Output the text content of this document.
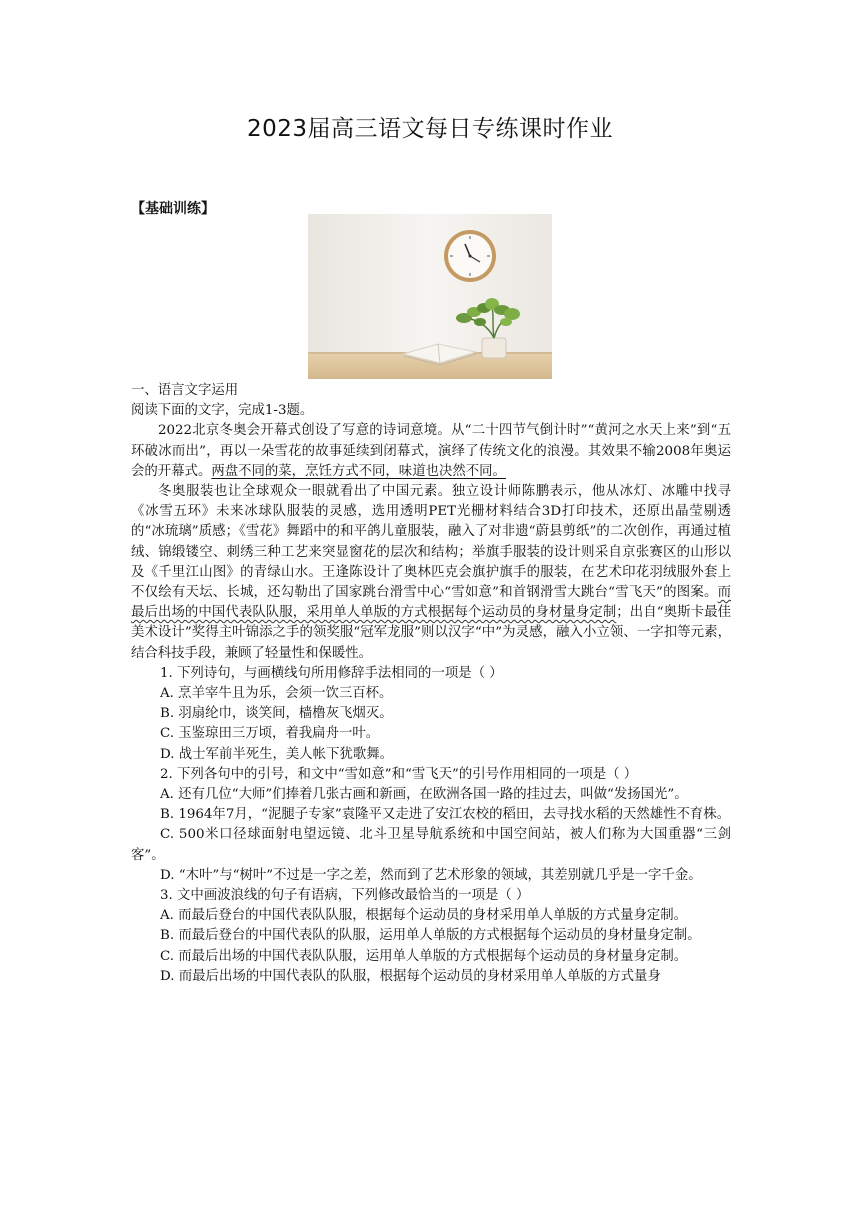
2023届高三语文每日专练课时作业
【基础训练】
一、语言文字运用
阅读下面的文字，完成1-3题。

2022北京冬奥会开幕式创设了写意的诗词意境。从“二十四节气倒计时”“黄河之水天上来”到“五环破冰而出”，再以一朵雪花的故事延续到闭幕式，演绎了传统文化的浪漫。其效果不输2008年奥运会的开幕式。两盘不同的菜，烹饪方式不同，味道也决然不同。

冬奥服装也让全球观众一眼就看出了中国元素。独立设计师陈鹏表示，他从冰灯、冰雕中找寻《冰雪五环》未来冰球队服装的灵感，选用透明PET光栅材料结合3D打印技术，还原出晶莹剔透的“冰琉璃”质感；《雪花》舞蹈中的和平鸽儿童服装，融入了对非遗“蔚县剪纸”的二次创作，再通过植绒、锦缎镂空、刺绣三种工艺来突显窗花的层次和结构；举旗手服装的设计则采自京张赛区的山形以及《千里江山图》的青绿山水。王逢陈设计了奥林匹克会旗护旗手的服装，在艺术印花羽绒服外套上不仅绘有天坛、长城，还勾勒出了国家跳台滑雪中心“雪如意”和首钢滑雪大跳台“雪飞天”的图案。而最后出场的中国代表队队服，采用单人单版的方式根据每个运动员的身材量身定制；出自“奥斯卡最佳美术设计”奖得主叶锦添之手的领奖服“冠军龙服”则以汉字“中”为灵感，融入小立领、一字扣等元素，结合科技手段，兼顾了轻量性和保暖性。

1. 下列诗句，与画横线句所用修辞手法相同的一项是（ ）

A. 烹羊宰牛且为乐，会须一饮三百杯。

B. 羽扇纶巾，谈笑间，樯橹灰飞烟灭。

C. 玉鉴琼田三万顷，着我扁舟一叶。

D. 战士军前半死生，美人帐下犹歌舞。

2. 下列各句中的引号，和文中“雪如意”和“雪飞天”的引号作用相同的一项是（ ）

A. 还有几位“大师”们捧着几张古画和新画，在欧洲各国一路的挂过去，叫做“发扬国光”。

B. 1964年7月，“泥腿子专家”袁隆平又走进了安江农校的稻田，去寻找水稻的天然雄性不育株。

C. 500米口径球面射电望远镜、北斗卫星导航系统和中国空间站，被人们称为大国重器“三剑客”。

D. “木叶”与“树叶”不过是一字之差，然而到了艺术形象的领域，其差别就几乎是一字千金。

3. 文中画波浪线的句子有语病，下列修改最恰当的一项是（ ）

A. 而最后登台的中国代表队队服，根据每个运动员的身材采用单人单版的方式量身定制。

B. 而最后登台的中国代表队的队服，运用单人单版的方式根据每个运动员的身材量身定制。

C. 而最后出场的中国代表队队服，运用单人单版的方式根据每个运动员的身材量身定制。

D. 而最后出场的中国代表队的队服，根据每个运动员的身材采用单人单版的方式量身
